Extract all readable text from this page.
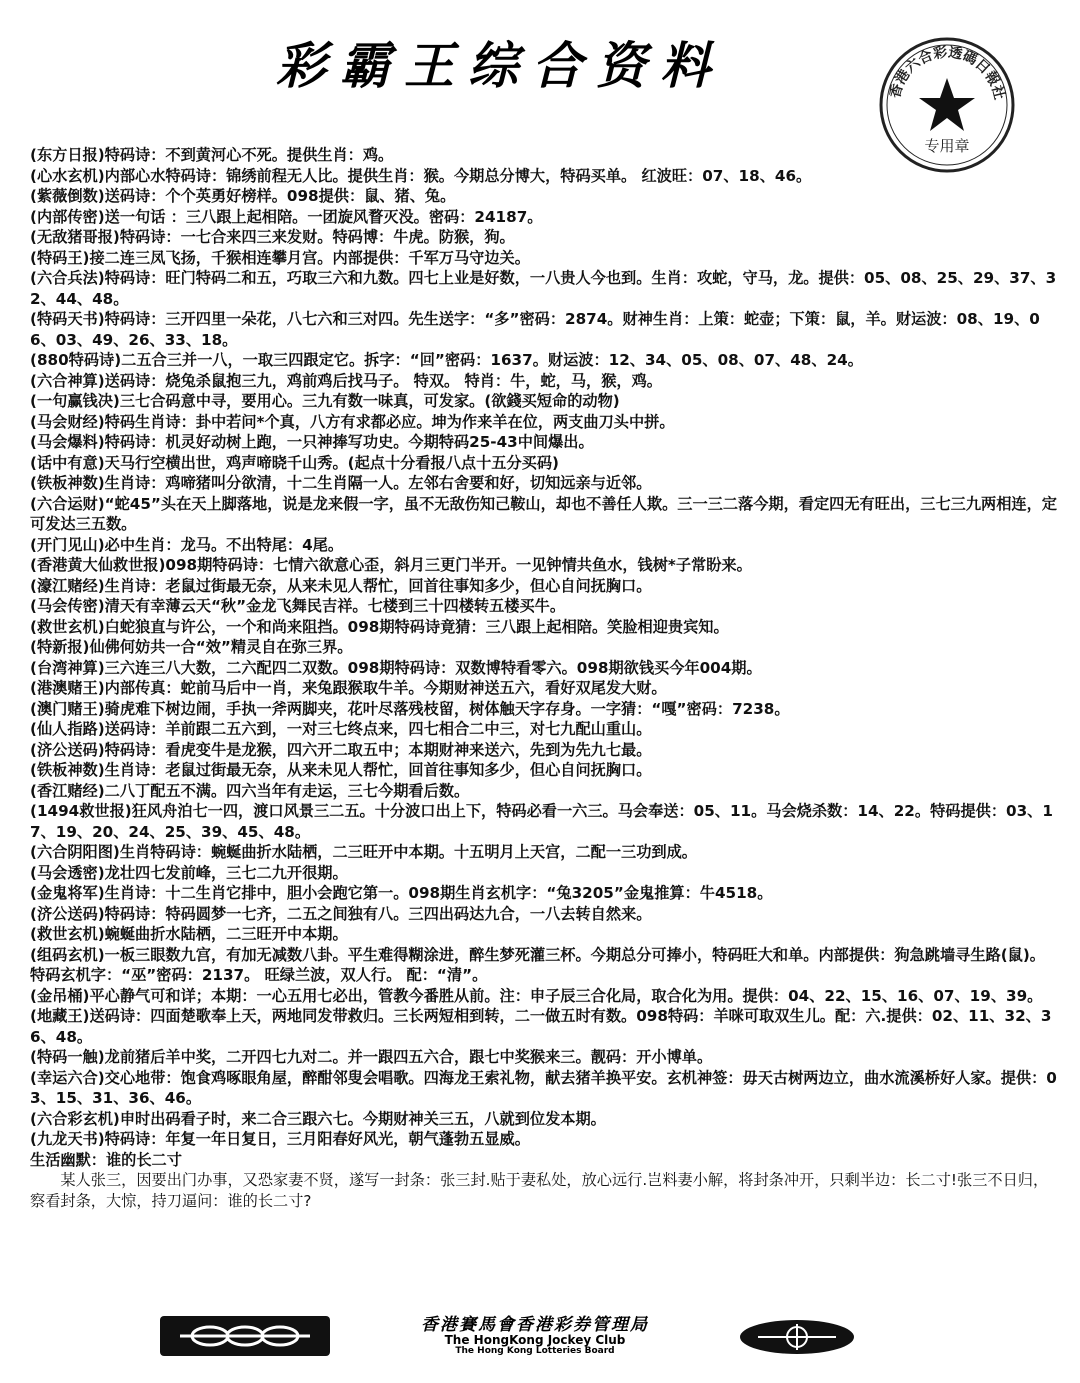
彩霸王综合资料	香港六合彩透碼日報社
专用章

(东方日报)特码诗：不到黄河心不死。提供生肖：鸡。

(心水玄机)内部心水特码诗：锦绣前程无人比。提供生肖：猴。今期总分博大，特码买单。 红波旺：07、18、46。

(紫薇倒数)送码诗：个个英勇好榜样。098提供：鼠、猪、兔。

(内部传密)送一句话 ：三八跟上起相陪。一团旋风瞀灭没。密码：24187。

(无敌猪哥报)特码诗：一七合来四三来发财。特码博：牛虎。防猴，狗。

(特码王)接二连三凤飞扬，千猴相连攀月宫。内部提供：千军万马守边关。

(六合兵法)特码诗：旺门特码二和五，巧取三六和九数。四七上业是好数，一八贵人今也到。生肖：攻蛇，守马，龙。提供：05、08、25、29、37、32、44、48。

(特码天书)特码诗：三开四里一朵花，八七六和三对四。先生送字：“多”密码：2874。财神生肖：上策：蛇壶；下策：鼠，羊。财运波：08、19、06、03、49、26、33、18。

(880特码诗)二五合三并一八，一取三四跟定它。拆字：“回”密码：1637。财运波：12、34、05、08、07、48、24。

(六合神算)送码诗：烧兔杀鼠抱三九，鸡前鸡后找马子。 特双。 特肖：牛，蛇，马，猴，鸡。

(一句赢钱决)三七合码意中寻，要用心。三九有数一味真，可发家。(欲錢买短命的动物)

(马会财经)特码生肖诗：卦中若问*个真，八方有求都必应。坤为作来羊在位，两支曲刀头中拼。

(马会爆料)特码诗：机灵好动树上跑，一只神捧写功史。今期特码25-43中间爆出。

(话中有意)天马行空横出世，鸡声啼晓千山秀。(起点十分看报八点十五分买码)

(铁板神数)生肖诗：鸡啼猪叫分欲清，十二生肖隔一人。左邻右舍要和好，切知远亲与近邻。

(六合运财)“蛇45”头在天上脚落地，说是龙来假一字，虽不无敌伤知己鞍山，却也不善任人欺。三一三二落今期，看定四无有旺出，三七三九两相连，定可发达三五数。

(开门见山)必中生肖：龙马。不出特尾：4尾。

(香港黄大仙救世报)098期特码诗：七情六欲意心歪，斜月三更门半开。一见钟情共鱼水，钱树*子常盼来。

(濠江赌经)生肖诗：老鼠过街最无奈，从来未见人帮忙，回首往事知多少，但心自问抚胸口。

(马会传密)清天有幸薄云天“秋”金龙飞舞民吉祥。七楼到三十四楼转五楼买牛。

(救世玄机)白蛇狼直与许公，一个和尚来阻挡。098期特码诗竟猜：三八跟上起相陪。笑脸相迎贵宾知。

(特新报)仙佛何妨共一合“效”精灵自在弥三界。

(台湾神算)三六连三八大数，二六配四二双数。098期特码诗：双数博特看零六。098期欲钱买今年004期。

(港澳赌王)内部传真：蛇前马后中一肖，来兔跟猴取牛羊。今期财神送五六，看好双尾发大财。

(澳门赌王)骑虎难下树边闹，手执一斧两脚夹，花叶尽落残枝留，树体触天字存身。一字猜：“嘎”密码：7238。

(仙人指路)送码诗：羊前跟二五六到，一对三七终点来，四七相合二中三，对七九配山重山。

(济公送码)特码诗：看虎变牛是龙猴，四六开二取五中；本期财神来送六，先到为先九七最。

(铁板神数)生肖诗：老鼠过街最无奈，从来未见人帮忙，回首往事知多少，但心自问抚胸口。

(香江赌经)二八丁配五不满。四六当年有走运，三七今期看后数。

(1494救世报)狂风舟泊七一四，渡口风景三二五。十分波口出上下，特码必看一六三。马会奉送：05、11。马会烧杀数：14、22。特码提供：03、17、19、20、24、25、39、45、48。

(六合阴阳图)生肖特码诗：蜿蜒曲折水陆栖，二三旺开中本期。十五明月上天宫，二配一三功到成。

(马会透密)龙壮四七发前峰，三七二九开很期。

(金鬼将军)生肖诗：十二生肖它排中，胆小会跑它第一。098期生肖玄机字：“兔3205”金鬼推算：牛4518。

(济公送码)特码诗：特码圆梦一七齐，二五之间独有八。三四出码达九合，一八去转自然来。

(救世玄机)蜿蜒曲折水陆栖，二三旺开中本期。

(组码玄机)一板三眼数九宫，有加无减数八卦。平生难得糊涂进，醉生梦死灌三杯。今期总分可捧小，特码旺大和单。内部提供：狗急跳墙寻生路(鼠)。特码玄机字：“巫”密码：2137。 旺绿兰波，双人行。 配：“清”。

(金吊桶)平心静气可和详；本期：一心五用七必出，管教今番胜从前。注：申子辰三合化局，取合化为用。提供：04、22、15、16、07、19、39。

(地藏王)送码诗：四面楚歌奉上天，两地同发带救归。三长两短相到转，二一做五时有数。098特码：羊咪可取双生儿。配：六.提供：02、11、32、36、48。

(特码一触)龙前猪后羊中奖，二开四七九对二。并一跟四五六合，跟七中奖猴来三。靓码：开小博单。

(幸运六合)交心地带：饱食鸡啄眼角屋，醉酣邻叟会唱歌。四海龙王索礼物，献去猪羊换平安。玄机神签：毋天古树两边立，曲水流溪桥好人家。提供：03、15、31、36、46。

(六合彩玄机)申时出码看子时，来二合三跟六七。今期财神关三五，八就到位发本期。

(九龙天书)特码诗：年复一年日复日，三月阳春好风光，朝气蓬勃五显威。

生活幽默：谁的长二寸

某人张三，因要出门办事，又恐家妻不贤，遂写一封条：张三封.贴于妻私处，放心远行.岂料妻小解，将封条冲开，只剩半边：长二寸!张三不日归，察看封条，大惊，持刀逼问：谁的长二寸?

香港賽馬會香港彩券管理局
The HongKong Jockey Club
The Hong Kong Lotteries Board
